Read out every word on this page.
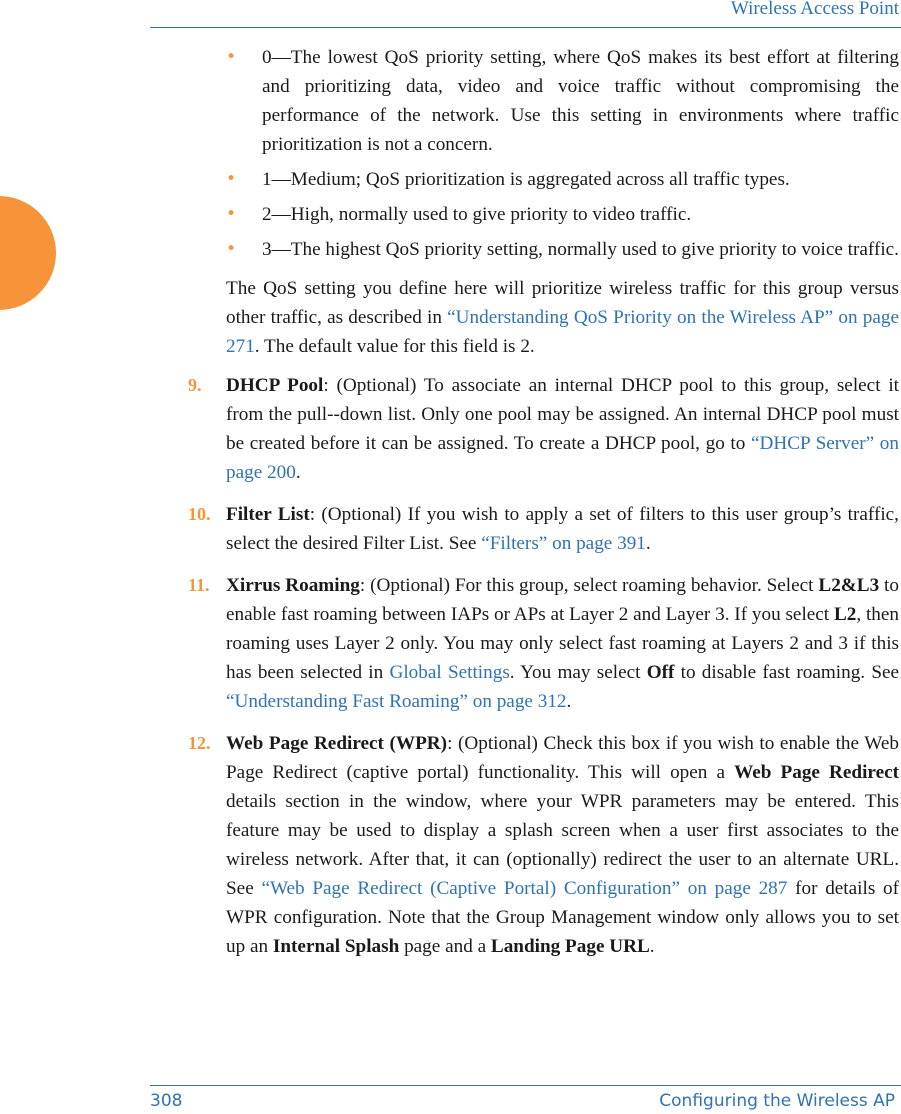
Wireless Access Point
•	0—The lowest QoS priority setting, where QoS makes its best effort at filtering and prioritizing data, video and voice traffic without compromising the performance of the network. Use this setting in environments where traffic prioritization is not a concern.
•	1—Medium; QoS prioritization is aggregated across all traffic types.
•	2—High, normally used to give priority to video traffic.
•	3—The highest QoS priority setting, normally used to give priority to voice traffic.
The QoS setting you define here will prioritize wireless traffic for this group versus other traffic, as described in “Understanding QoS Priority on the Wireless AP” on page 271. The default value for this field is 2.
9. DHCP Pool: (Optional) To associate an internal DHCP pool to this group, select it from the pull--down list. Only one pool may be assigned. An internal DHCP pool must be created before it can be assigned. To create a DHCP pool, go to “DHCP Server” on page 200.
10. Filter List: (Optional) If you wish to apply a set of filters to this user group’s traffic, select the desired Filter List. See “Filters” on page 391.
11. Xirrus Roaming: (Optional) For this group, select roaming behavior. Select L2&L3 to enable fast roaming between IAPs or APs at Layer 2 and Layer 3. If you select L2, then roaming uses Layer 2 only. You may only select fast roaming at Layers 2 and 3 if this has been selected in Global Settings. You may select Off to disable fast roaming. See “Understanding Fast Roaming” on page 312.
12. Web Page Redirect (WPR): (Optional) Check this box if you wish to enable the Web Page Redirect (captive portal) functionality. This will open a Web Page Redirect details section in the window, where your WPR parameters may be entered. This feature may be used to display a splash screen when a user first associates to the wireless network. After that, it can (optionally) redirect the user to an alternate URL. See “Web Page Redirect (Captive Portal) Configuration” on page 287 for details of WPR configuration. Note that the Group Management window only allows you to set up an Internal Splash page and a Landing Page URL.
308	Configuring the Wireless AP
